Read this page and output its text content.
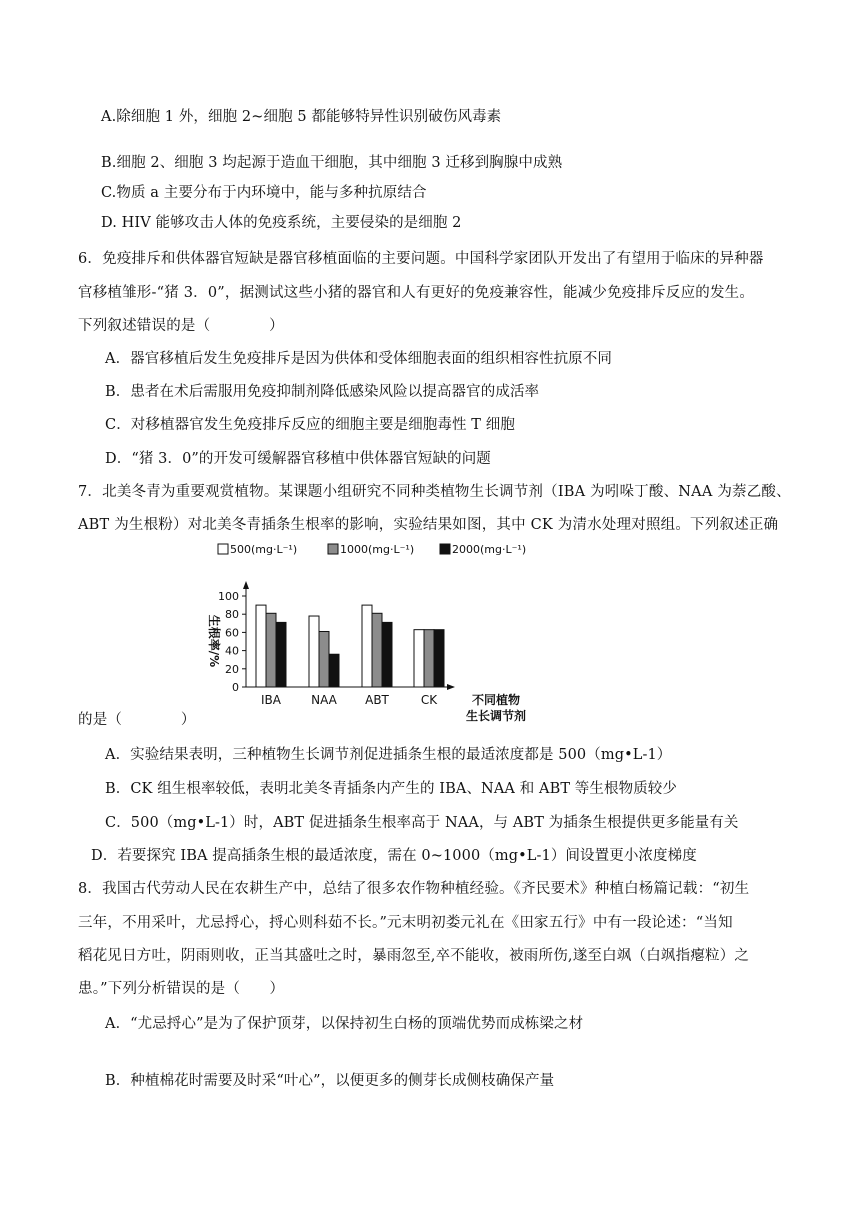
A.除细胞 1 外，细胞 2~细胞 5 都能够特异性识别破伤风毒素
B.细胞 2、细胞 3 均起源于造血干细胞，其中细胞 3 迁移到胸腺中成熟
C.物质 a 主要分布于内环境中，能与多种抗原结合
D. HIV 能够攻击人体的免疫系统，主要侵染的是细胞 2
6．免疫排斥和供体器官短缺是器官移植面临的主要问题。中国科学家团队开发出了有望用于临床的异种器
官移植雏形-“猪 3．0”，据测试这些小猪的器官和人有更好的免疫兼容性，能减少免疫排斥反应的发生。
下列叙述错误的是（　　　　）
A．器官移植后发生免疫排斥是因为供体和受体细胞表面的组织相容性抗原不同
B．患者在术后需服用免疫抑制剂降低感染风险以提高器官的成活率
C．对移植器官发生免疫排斥反应的细胞主要是细胞毒性 T 细胞
D．“猪 3．0”的开发可缓解器官移植中供体器官短缺的问题
7．北美冬青为重要观赏植物。某课题小组研究不同种类植物生长调节剂（IBA 为吲哚丁酸、NAA 为萘乙酸、
ABT 为生根粉）对北美冬青插条生根率的影响，实验结果如图，其中 CK 为清水处理对照组。下列叙述正确
500(mg·L⁻¹)	1000(mg·L⁻¹)	2000(mg·L⁻¹)
0
20
40
60
80
100
生根率/%
IBA	NAA ABT	CK	不同植物
生长调节剂
的是（　　　　）
A．实验结果表明，三种植物生长调节剂促进插条生根的最适浓度都是 500（mg•L-1）
B．CK 组生根率较低，表明北美冬青插条内产生的 IBA、NAA 和 ABT 等生根物质较少
C．500（mg•L-1）时，ABT 促进插条生根率高于 NAA，与 ABT 为插条生根提供更多能量有关
D．若要探究 IBA 提高插条生根的最适浓度，需在 0~1000（mg•L-1）间设置更小浓度梯度
8．我国古代劳动人民在农耕生产中，总结了很多农作物种植经验。《齐民要术》种植白杨篇记载：“初生
三年，不用采叶，尤忌捋心，捋心则科茹不长。”元末明初娄元礼在《田家五行》中有一段论述：“当知
稻花见日方吐，阴雨则收，正当其盛吐之时，暴雨忽至,卒不能收，被雨所伤,遂至白飒（白飒指瘪粒）之
患。”下列分析错误的是（　　）
A．“尤忌捋心”是为了保护顶芽，以保持初生白杨的顶端优势而成栋梁之材
B．种植棉花时需要及时采“叶心”，以便更多的侧芽长成侧枝确保产量
